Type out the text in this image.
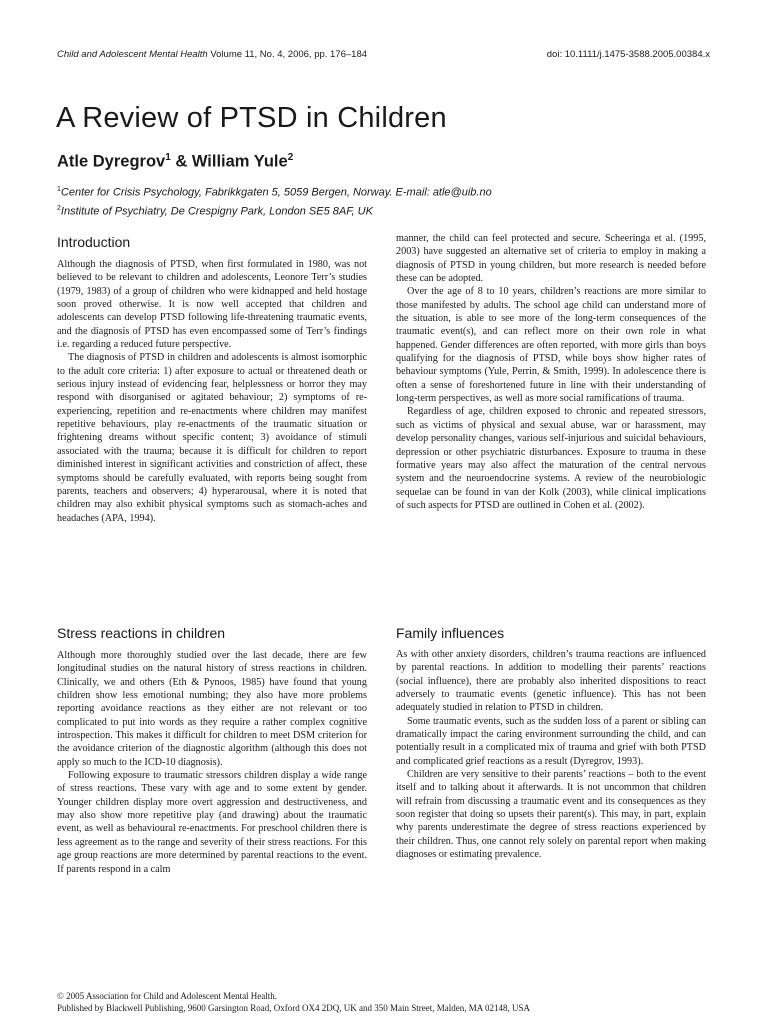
Child and Adolescent Mental Health Volume 11, No. 4, 2006, pp. 176–184	doi: 10.1111/j.1475-3588.2005.00384.x
A Review of PTSD in Children
Atle Dyregrov$^1$ & William Yule$^2$
$^1$Center for Crisis Psychology, Fabrikkgaten 5, 5059 Bergen, Norway. E-mail: atle@uib.no
$^2$Institute of Psychiatry, De Crespigny Park, London SE5 8AF, UK
Introduction

Although the diagnosis of PTSD, when first formulated in 1980, was not believed to be relevant to children and adolescents, Leonore Terr’s studies (1979, 1983) of a group of children who were kidnapped and held hostage soon proved otherwise. It is now well accepted that children and adolescents can develop PTSD following life-threatening traumatic events, and the diagnosis of PTSD has even encompassed some of Terr’s findings i.e. regarding a reduced future perspective.

The diagnosis of PTSD in children and adolescents is almost isomorphic to the adult core criteria: 1) after exposure to actual or threatened death or serious injury instead of evidencing fear, helplessness or horror they may respond with disorganised or agitated behaviour; 2) symptoms of re-experiencing, repetition and re-enactments where children may manifest repetitive behaviours, play re-enactments of the traumatic situation or frightening dreams without specific content; 3) avoidance of stimuli associated with the trauma; because it is difficult for children to report diminished interest in significant activities and constriction of affect, these symptoms should be carefully evaluated, with reports being sought from parents, teachers and observers; 4) hyperarousal, where it is noted that children may also exhibit physical symptoms such as stomach-aches and headaches (APA, 1994).

Stress reactions in children

Although more thoroughly studied over the last decade, there are few longitudinal studies on the natural history of stress reactions in children. Clinically, we and others (Eth & Pynoos, 1985) have found that young children show less emotional numbing; they also have more problems reporting avoidance reactions as they either are not relevant or too complicated to put into words as they require a rather complex cognitive introspection. This makes it difficult for children to meet DSM criterion for the avoidance criterion of the diagnostic algorithm (although this does not apply so much to the ICD-10 diagnosis).

Following exposure to traumatic stressors children display a wide range of stress reactions. These vary with age and to some extent by gender. Younger children display more overt aggression and destructiveness, and may also show more repetitive play (and drawing) about the traumatic event, as well as behavioural re-enactments. For preschool children there is less agreement as to the range and severity of their stress reactions. For this age group reactions are more determined by parental reactions to the event. If parents respond in a calm

manner, the child can feel protected and secure. Scheeringa et al. (1995, 2003) have suggested an alternative set of criteria to employ in making a diagnosis of PTSD in young children, but more research is needed before these can be adopted.

Over the age of 8 to 10 years, children’s reactions are more similar to those manifested by adults. The school age child can understand more of the situation, is able to see more of the long-term consequences of the traumatic event(s), and can reflect more on their own role in what happened. Gender differences are often reported, with more girls than boys qualifying for the diagnosis of PTSD, while boys show higher rates of behaviour symptoms (Yule, Perrin, & Smith, 1999). In adolescence there is often a sense of foreshortened future in line with their understanding of long-term perspectives, as well as more social ramifications of trauma.

Regardless of age, children exposed to chronic and repeated stressors, such as victims of physical and sexual abuse, war or harassment, may develop personality changes, various self-injurious and suicidal behaviours, depression or other psychiatric disturbances. Exposure to trauma in these formative years may also affect the maturation of the central nervous system and the neuroendocrine systems. A review of the neurobiologic sequelae can be found in van der Kolk (2003), while clinical implications of such aspects for PTSD are outlined in Cohen et al. (2002).

Family influences

As with other anxiety disorders, children’s trauma reactions are influenced by parental reactions. In addition to modelling their parents’ reactions (social influence), there are probably also inherited dispositions to react adversely to traumatic events (genetic influence). This has not been adequately studied in relation to PTSD in children.

Some traumatic events, such as the sudden loss of a parent or sibling can dramatically impact the caring environment surrounding the child, and can potentially result in a complicated mix of trauma and grief with both PTSD and complicated grief reactions as a result (Dyregrov, 1993).

Children are very sensitive to their parents’ reactions – both to the event itself and to talking about it afterwards. It is not uncommon that children will refrain from discussing a traumatic event and its consequences as they soon register that doing so upsets their parent(s). This may, in part, explain why parents underestimate the degree of stress reactions experienced by their children. Thus, one cannot rely solely on parental report when making diagnoses or estimating prevalence.

© 2005 Association for Child and Adolescent Mental Health.
Published by Blackwell Publishing, 9600 Garsington Road, Oxford OX4 2DQ, UK and 350 Main Street, Malden, MA 02148, USA
